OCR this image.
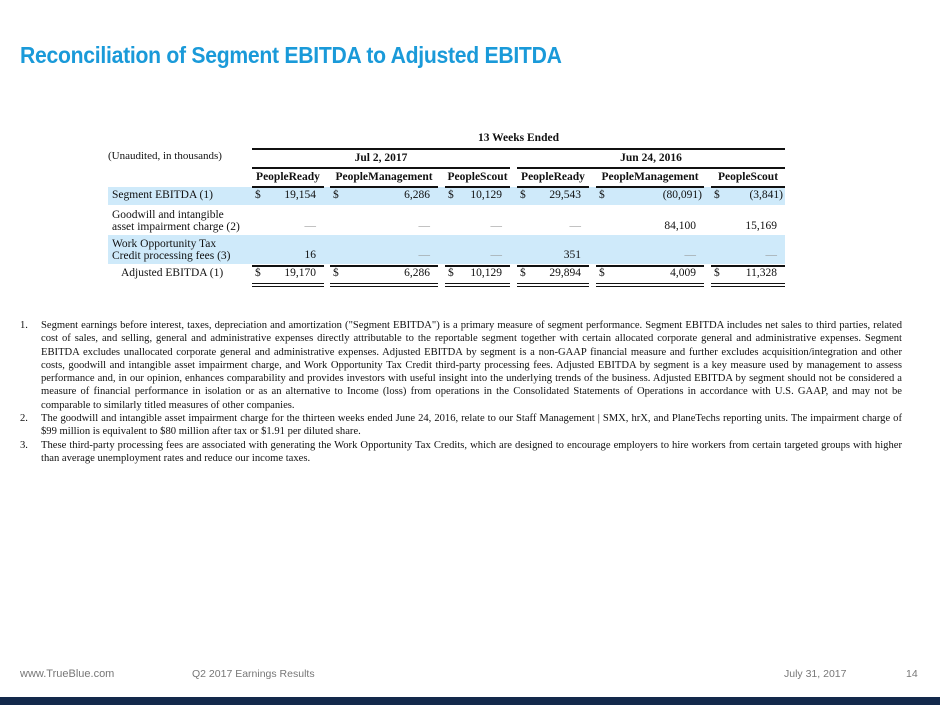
Reconciliation of Segment EBITDA to Adjusted EBITDA
13 Weeks Ended
(Unaudited, in thousands)	Jul 2, 2017	Jun 24, 2016
PeopleReady	PeopleManagement	PeopleScout	PeopleReady	PeopleManagement	PeopleScout
Segment EBITDA (1)	$	19,154 $	6,286 $	10,129 $	29,543 $	(80,091) $	(3,841)
Goodwill and intangible
asset impairment charge (2)	—	—	—	—	84,100	15,169
Work Opportunity Tax
Credit processing fees (3)	16	—	—	351	—	—
Adjusted EBITDA (1)	$	19,170 $	6,286 $	10,129 $	29,894 $	4,009 $	11,328
1.	Segment earnings before interest, taxes, depreciation and amortization ("Segment EBITDA") is a primary measure of segment performance. Segment EBITDA includes net sales to third parties, related cost of sales, and selling, general and administrative expenses directly attributable to the reportable segment together with certain allocated corporate general and administrative expenses. Segment EBITDA excludes unallocated corporate general and administrative expenses. Adjusted EBITDA by segment is a non-GAAP financial measure and further excludes acquisition/integration and other costs, goodwill and intangible asset impairment charge, and Work Opportunity Tax Credit third-party processing fees. Adjusted EBITDA by segment is a key measure used by management to assess performance and, in our opinion, enhances comparability and provides investors with useful insight into the underlying trends of the business. Adjusted EBITDA by segment should not be considered a measure of financial performance in isolation or as an alternative to Income (loss) from operations in the Consolidated Statements of Operations in accordance with U.S. GAAP, and may not be comparable to similarly titled measures of other companies.
2.	The goodwill and intangible asset impairment charge for the thirteen weeks ended June 24, 2016, relate to our Staff Management | SMX, hrX, and PlaneTechs reporting units. The impairment charge of $99 million is equivalent to $80 million after tax or $1.91 per diluted share.
3.	These third-party processing fees are associated with generating the Work Opportunity Tax Credits, which are designed to encourage employers to hire workers from certain targeted groups with higher than average unemployment rates and reduce our income taxes.
www.TrueBlue.com	Q2 2017 Earnings Results	July 31, 2017	14
